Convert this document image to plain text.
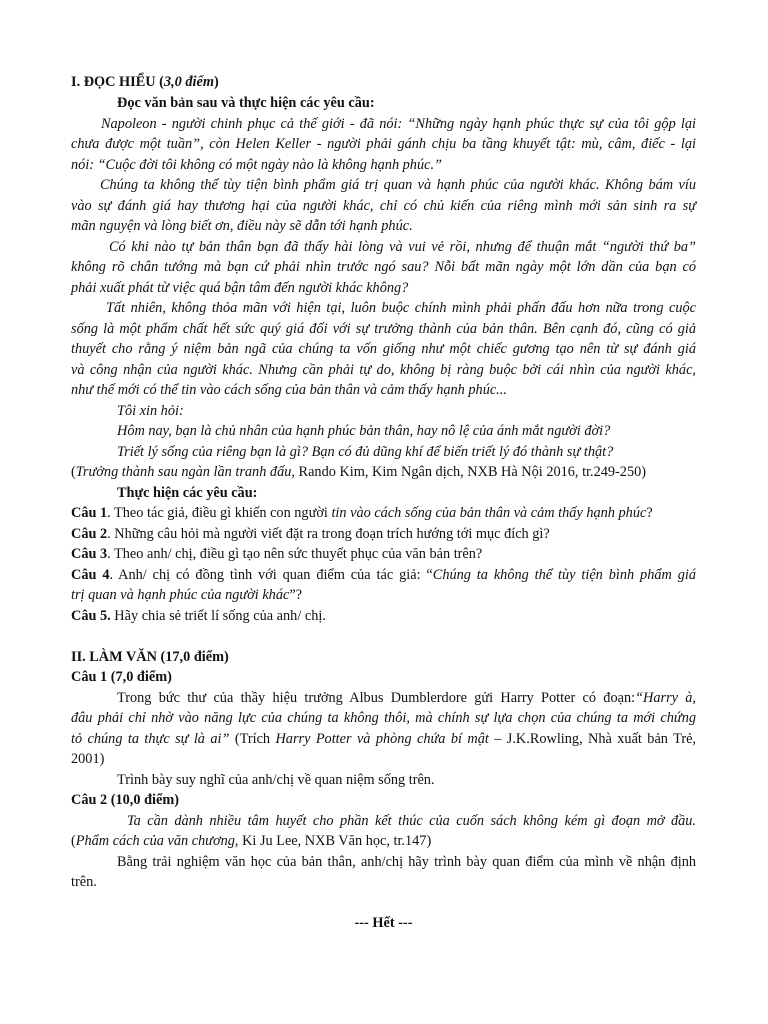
I. ĐỌC HIỂU (3,0 điểm)
Đọc văn bản sau và thực hiện các yêu cầu:
Napoleon - người chinh phục cả thế giới - đã nói: “Những ngày hạnh phúc thực sự của tôi gộp lại
chưa được một tuần”, còn Helen Keller - người phải gánh chịu ba tầng khuyết tật: mù, câm, điếc - lại
nói: “Cuộc đời tôi không có một ngày nào là không hạnh phúc.”
Chúng ta không thể tùy tiện bình phẩm giá trị quan và hạnh phúc của người khác. Không bám víu
vào sự đánh giá hay thương hại của người khác, chỉ có chủ kiến của riêng mình mới sản sinh ra sự
mãn nguyện và lòng biết ơn, điều này sẽ dẫn tới hạnh phúc.
Có khi nào tự bản thân bạn đã thấy hài lòng và vui vẻ rồi, nhưng để thuận mắt “người thứ ba”
không rõ chân tướng mà bạn cứ phải nhìn trước ngó sau? Nỗi bất mãn ngày một lớn dần của bạn có
phải xuất phát từ việc quá bận tâm đến người khác không?
Tất nhiên, không thỏa mãn với hiện tại, luôn buộc chính mình phải phấn đấu hơn nữa trong cuộc
sống là một phẩm chất hết sức quý giá đối với sự trưởng thành của bản thân. Bên cạnh đó, cũng có giả
thuyết cho rằng ý niệm bản ngã của chúng ta vốn giống như một chiếc gương tạo nên từ sự đánh giá
và công nhận của người khác. Nhưng cần phải tự do, không bị ràng buộc bởi cái nhìn của người khác,
như thế mới có thể tin vào cách sống của bản thân và cảm thấy hạnh phúc...
Tôi xin hỏi:
Hôm nay, bạn là chủ nhân của hạnh phúc bản thân, hay nô lệ của ánh mắt người đời?
Triết lý sống của riêng bạn là gì? Bạn có đủ dũng khí để biến triết lý đó thành sự thật?
(Trưởng thành sau ngàn lần tranh đấu, Rando Kim, Kim Ngân dịch, NXB Hà Nội 2016, tr.249-250)
Thực hiện các yêu cầu:
Câu 1. Theo tác giả, điều gì khiến con người tin vào cách sống của bản thân và cảm thấy hạnh phúc?
Câu 2. Những câu hỏi mà người viết đặt ra trong đoạn trích hướng tới mục đích gì?
Câu 3. Theo anh/ chị, điều gì tạo nên sức thuyết phục của văn bản trên?
Câu 4. Anh/ chị có đồng tình với quan điểm của tác giả: “Chúng ta không thể tùy tiện bình phẩm giá
trị quan và hạnh phúc của người khác”?
Câu 5. Hãy chia sẻ triết lí sống của anh/ chị.
II. LÀM VĂN (17,0 điểm)
Câu 1 (7,0 điểm)
Trong bức thư của thầy hiệu trưởng Albus Dumblerdore gửi Harry Potter có đoạn:“Harry à,
đâu phải chỉ nhờ vào năng lực của chúng ta không thôi, mà chính sự lựa chọn của chúng ta mới chứng
tỏ chúng ta thực sự là ai” (Trích Harry Potter và phòng chứa bí mật – J.K.Rowling, Nhà xuất bản Trẻ,
2001)
Trình bày suy nghĩ của anh/chị về quan niệm sống trên.
Câu 2 (10,0 điểm)
Ta cần dành nhiều tâm huyết cho phần kết thúc của cuốn sách không kém gì đoạn mở đầu.
(Phẩm cách của văn chương, Ki Ju Lee, NXB Văn học, tr.147)
Bằng trải nghiệm văn học của bản thân, anh/chị hãy trình bày quan điểm của mình về nhận định
trên.
--- Hết ---
